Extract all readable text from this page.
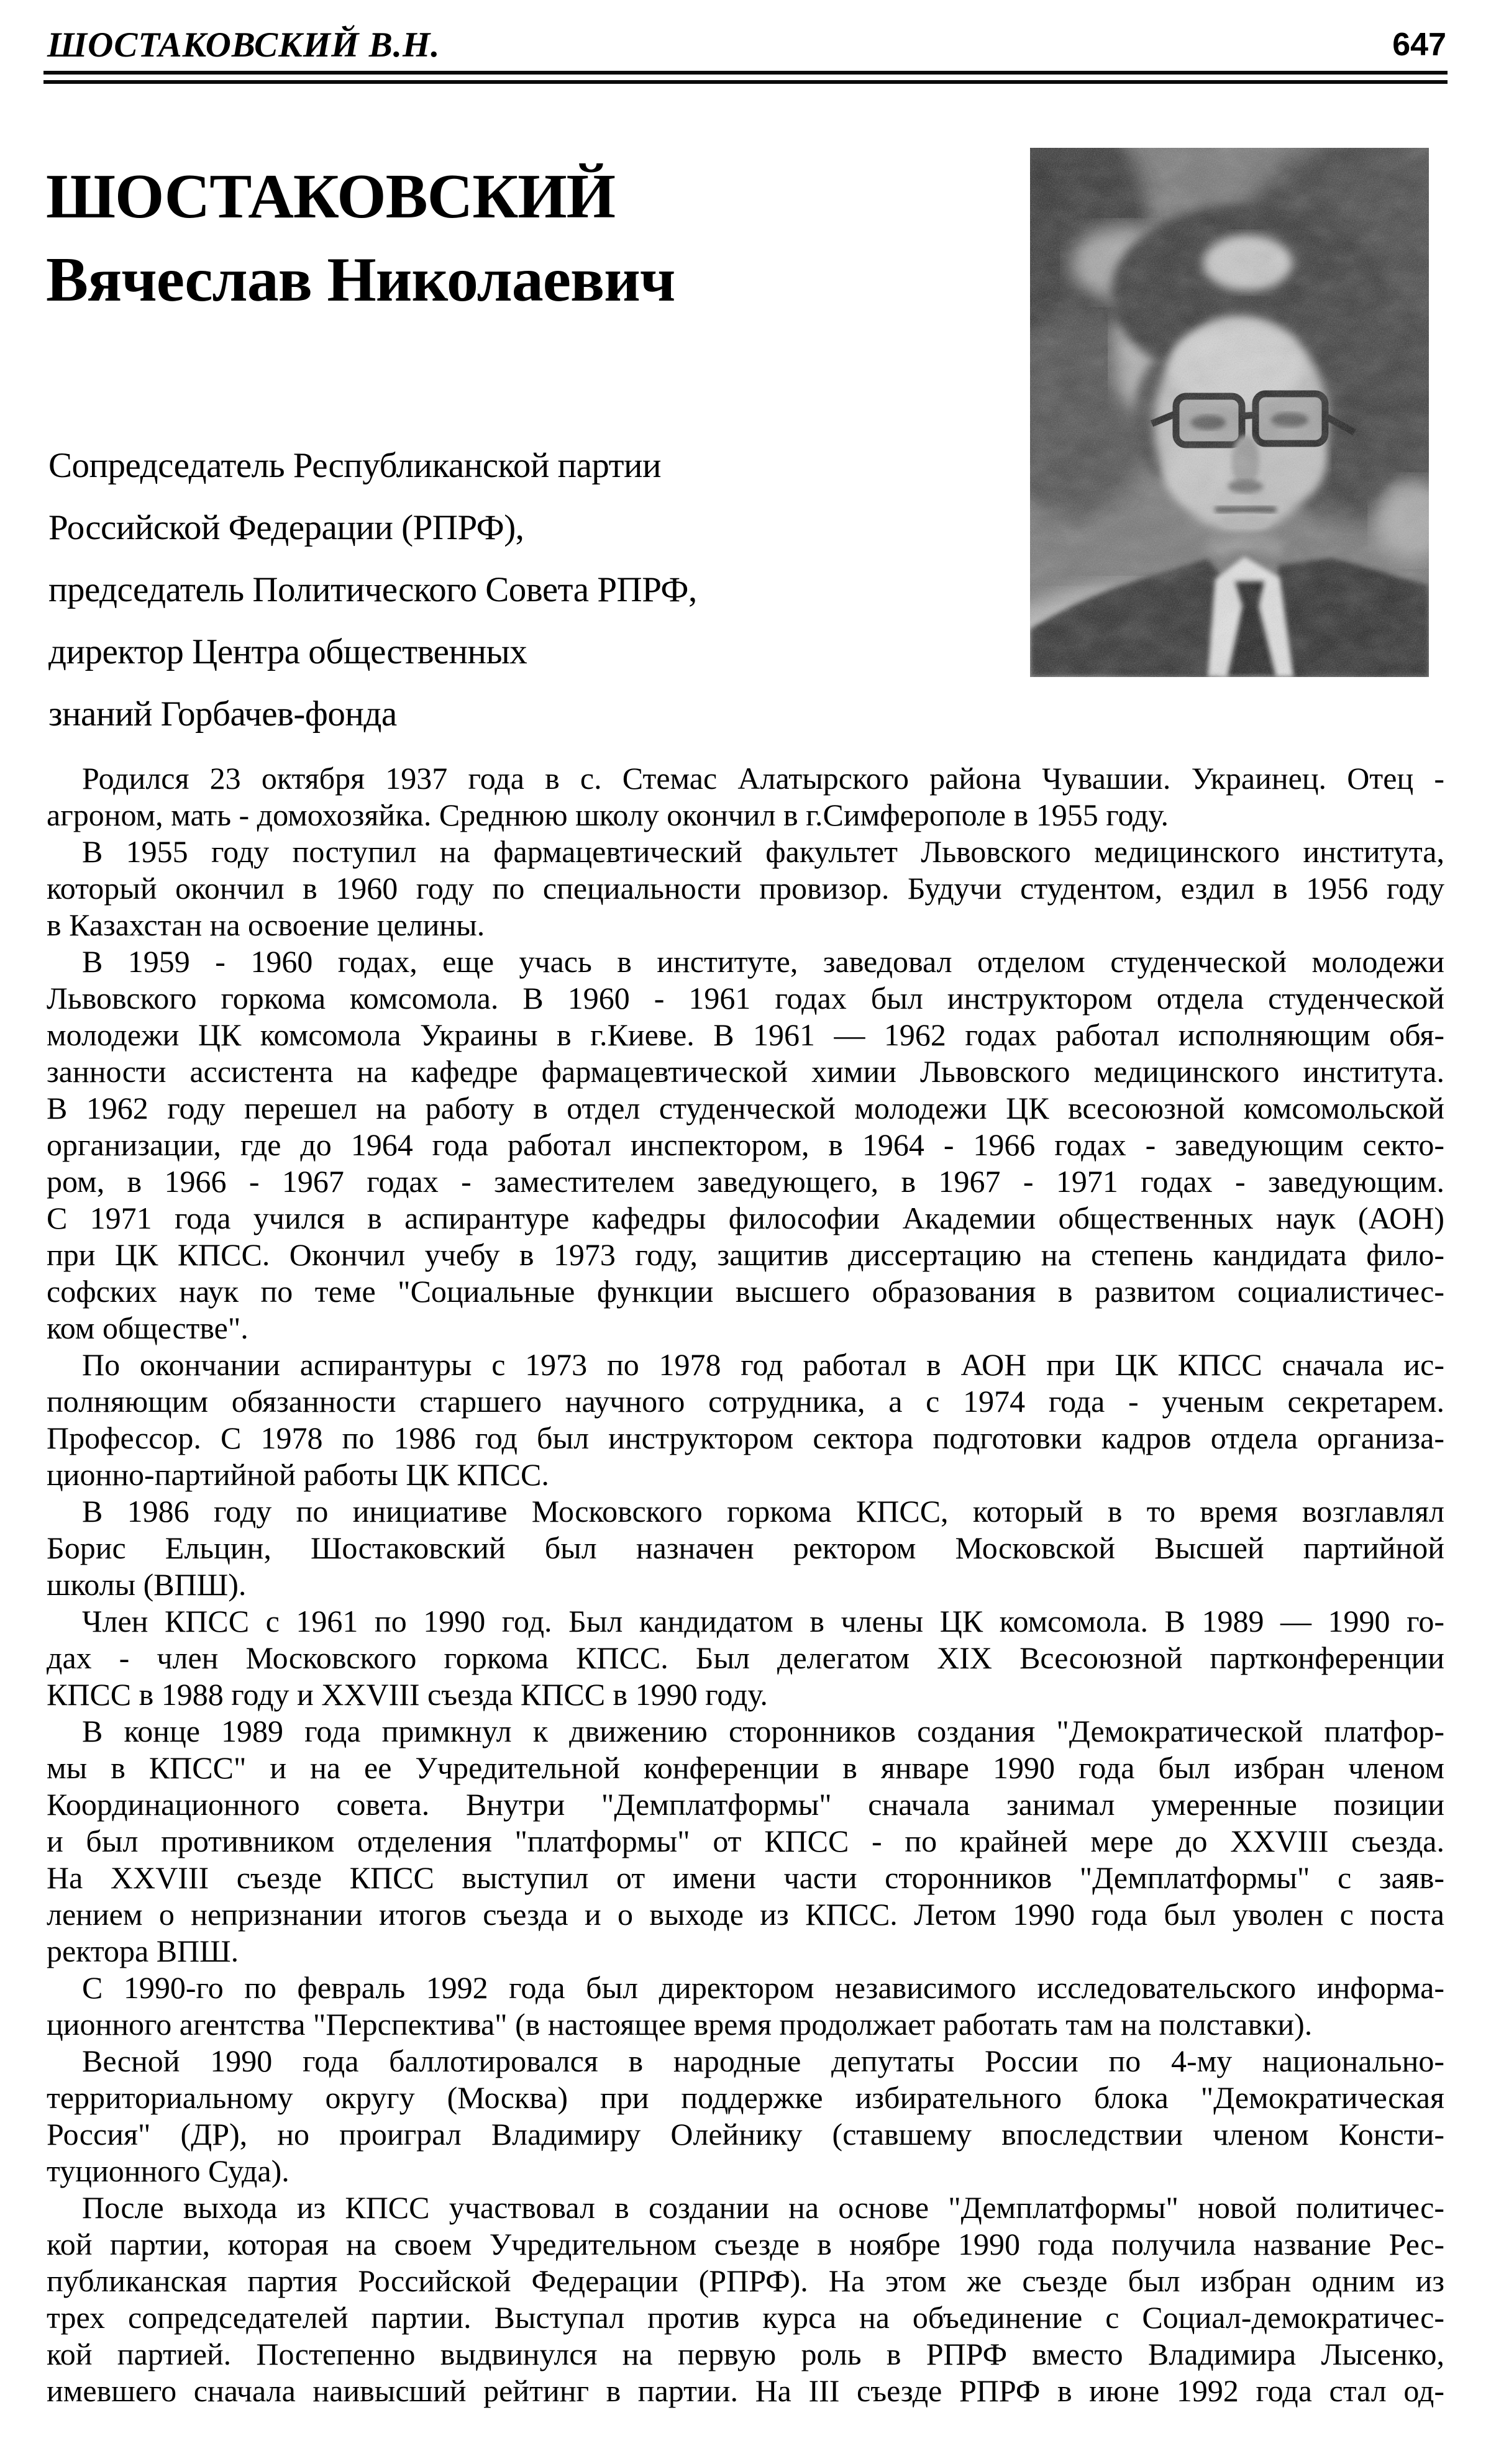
ШОСТАКОВСКИЙ В.Н.	647
ШОСТАКОВСКИЙ
Вячеслав Николаевич
Сопредседатель Республиканской партии
Российской Федерации (РПРФ),
председатель Политического Совета РПРФ,
директор Центра общественных
знаний Горбачев-фонда
Родился 23 октября 1937 года в с. Стемас Алатырского района Чувашии. Украинец. Отец -
агроном, мать - домохозяйка. Среднюю школу окончил в г.Симферополе в 1955 году.
В 1955 году поступил на фармацевтический факультет Львовского медицинского института,
который окончил в 1960 году по специальности провизор. Будучи студентом, ездил в 1956 году
в Казахстан на освоение целины.
В 1959 - 1960 годах, еще учась в институте, заведовал отделом студенческой молодежи
Львовского горкома комсомола. В 1960 - 1961 годах был инструктором отдела студенческой
молодежи ЦК комсомола Украины в г.Киеве. В 1961 — 1962 годах работал исполняющим обя-
занности ассистента на кафедре фармацевтической химии Львовского медицинского института.
В 1962 году перешел на работу в отдел студенческой молодежи ЦК всесоюзной комсомольской
организации, где до 1964 года работал инспектором, в 1964 - 1966 годах - заведующим секто-
ром, в 1966 - 1967 годах - заместителем заведующего, в 1967 - 1971 годах - заведующим.
С 1971 года учился в аспирантуре кафедры философии Академии общественных наук (АОН)
при ЦК КПСС. Окончил учебу в 1973 году, защитив диссертацию на степень кандидата фило-
софских наук по теме "Социальные функции высшего образования в развитом социалистичес-
ком обществе".
По окончании аспирантуры с 1973 по 1978 год работал в АОН при ЦК КПСС сначала ис-
полняющим обязанности старшего научного сотрудника, а с 1974 года - ученым секретарем.
Профессор. С 1978 по 1986 год был инструктором сектора подготовки кадров отдела организа-
ционно-партийной работы ЦК КПСС.
В 1986 году по инициативе Московского горкома КПСС, который в то время возглавлял
Борис Ельцин, Шостаковский был назначен ректором Московской Высшей партийной
школы (ВПШ).
Член КПСС с 1961 по 1990 год. Был кандидатом в члены ЦК комсомола. В 1989 — 1990 го-
дах - член Московского горкома КПСС. Был делегатом XIX Всесоюзной партконференции
КПСС в 1988 году и XXVIII съезда КПСС в 1990 году.
В конце 1989 года примкнул к движению сторонников создания "Демократической платфор-
мы в КПСС" и на ее Учредительной конференции в январе 1990 года был избран членом
Координационного совета. Внутри "Демплатформы" сначала занимал умеренные позиции
и был противником отделения "платформы" от КПСС - по крайней мере до XXVIII съезда.
На XXVIII съезде КПСС выступил от имени части сторонников "Демплатформы" с заяв-
лением о непризнании итогов съезда и о выходе из КПСС. Летом 1990 года был уволен с поста
ректора ВПШ.
С 1990-го по февраль 1992 года был директором независимого исследовательского информа-
ционного агентства "Перспектива" (в настоящее время продолжает работать там на полставки).
Весной 1990 года баллотировался в народные депутаты России по 4-му национально-
территориальному округу (Москва) при поддержке избирательного блока "Демократическая
Россия" (ДР), но проиграл Владимиру Олейнику (ставшему впоследствии членом Консти-
туционного Суда).
После выхода из КПСС участвовал в создании на основе "Демплатформы" новой политичес-
кой партии, которая на своем Учредительном съезде в ноябре 1990 года получила название Рес-
публиканская партия Российской Федерации (РПРФ). На этом же съезде был избран одним из
трех сопредседателей партии. Выступал против курса на объединение с Социал-демократичес-
кой партией. Постепенно выдвинулся на первую роль в РПРФ вместо Владимира Лысенко,
имевшего сначала наивысший рейтинг в партии. На III съезде РПРФ в июне 1992 года стал од-
